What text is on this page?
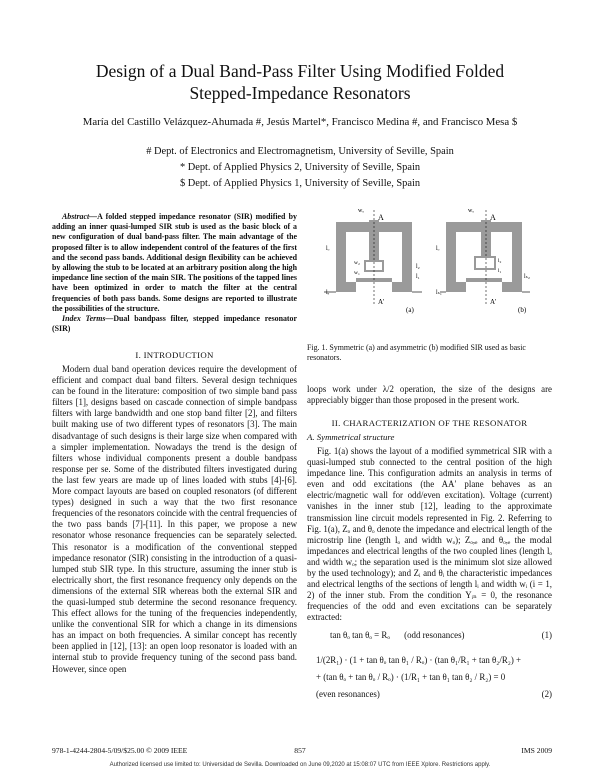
Design of a Dual Band-Pass Filter Using Modified Folded
Stepped-Impedance Resonators
María del Castillo Velázquez-Ahumada #, Jesús Martel*, Francisco Medina #, and Francisco Mesa $
# Dept. of Electronics and Electromagnetism, University of Seville, Spain
* Dept. of Applied Physics 2, University of Seville, Spain
$ Dept. of Applied Physics 1, University of Seville, Spain
Abstract—A folded stepped impedance resonator (SIR) modified by adding an inner quasi-lumped SIR stub is used as the basic block of a new configuration of dual band-pass filter. The main advantage of the proposed filter is to allow independent control of the features of the first and the second pass bands. Additional design flexibility can be achieved by allowing the stub to be located at an arbitrary position along the high impedance line section of the main SIR. The positions of the tapped lines have been optimized in order to match the filter at the central frequencies of both pass bands. Some designs are reported to illustrate the possibilities of the structure.
Index Terms—Dual bandpass filter, stepped impedance resonator (SIR)
I. INTRODUCTION

Modern dual band operation devices require the development of efficient and compact dual band filters. Several design techniques can be found in the literature: composition of two simple band pass filters [1], designs based on cascade connection of simple bandpass filters with large bandwidth and one stop band filter [2], and filters built making use of two different types of resonators [3]. The main disadvantage of such designs is their large size when compared with a simpler implementation. Nowadays the trend is the design of filters whose individual components present a double bandpass response per se. Some of the distributed filters investigated during the last few years are made up of lines loaded with stubs [4]-[6]. More compact layouts are based on coupled resonators (of different types) designed in such a way that the two first resonance frequencies of the resonators coincide with the central frequencies of the two pass bands [7]-[11]. In this paper, we propose a new resonator whose resonance frequencies can be separately selected. This resonator is a modification of the conventional stepped impedance resonator (SIR) consisting in the introduction of a quasi-lumped stub SIR type. In this structure, assuming the inner stub is electrically short, the first resonance frequency only depends on the dimensions of the external SIR whereas both the external SIR and the quasi-lumped stub determine the second resonance frequency. This effect allows for the tuning of the frequencies independently, unlike the conventional SIR for which a change in its dimensions has an impact on both frequencies. A similar concept has recently been applied in [12], [13]: an open loop resonator is loaded with an internal stub to provide frequency tuning of the second pass band. However, since open

A
A'
wₒ
lₒ
lₑ
w₂
w₁
l₂
l₁
(a)
A
A'
wₒ
lₒ
lₛ₁
lₛ₂
l₂
l₁
(b)
Fig. 1. Symmetric (a) and asymmetric (b) modified SIR used as basic resonators.
loops work under λ/2 operation, the size of the designs are appreciably bigger than those proposed in the present work.
II. CHARACTERIZATION OF THE RESONATOR
A. Symmetrical structure

Fig. 1(a) shows the layout of a modified symmetrical SIR with a quasi-lumped stub connected to the central position of the high impedance line. This configuration admits an analysis in terms of even and odd excitations (the AA′ plane behaves as an electric/magnetic wall for odd/even excitation). Voltage (current) vanishes in the inner stub [12], leading to the approximate transmission line circuit models represented in Fig. 2. Referring to Fig. 1(a), Zₒ and θₒ denote the impedance and electrical length of the microstrip line (length lₒ and width wₒ); Zₒ,ₑ and θₒ,ₑ the modal impedances and electrical lengths of the two coupled lines (length lₒ and width wₒ; the separation used is the minimum slot size allowed by the used technology); and Zᵢ and θᵢ the characteristic impedances and electrical lengths of the sections of length lᵢ and width wᵢ (i = 1, 2) of the inner stub. From the condition Yᵢₙ = 0, the resonance frequencies of the odd and even excitations can be separately extracted:

tan θₒ tan θₒ = Rₒ (odd resonances)	(1)
1/(2R₁) · (1 + tan θₒ tan θ₁ / Rₒ) · (tan θ₁/R₁ + tan θ₂/R₂) +
+ (tan θₒ + tan θₒ / Rₒ) · (1/R₁ + tan θ₁ tan θ₂ / R₂) = 0
(even resonances)	(2)
978-1-4244-2804-5/09/$25.00 © 2009 IEEE	857	IMS 2009
Authorized licensed use limited to: Universidad de Sevilla. Downloaded on June 09,2020 at 15:08:07 UTC from IEEE Xplore. Restrictions apply.
